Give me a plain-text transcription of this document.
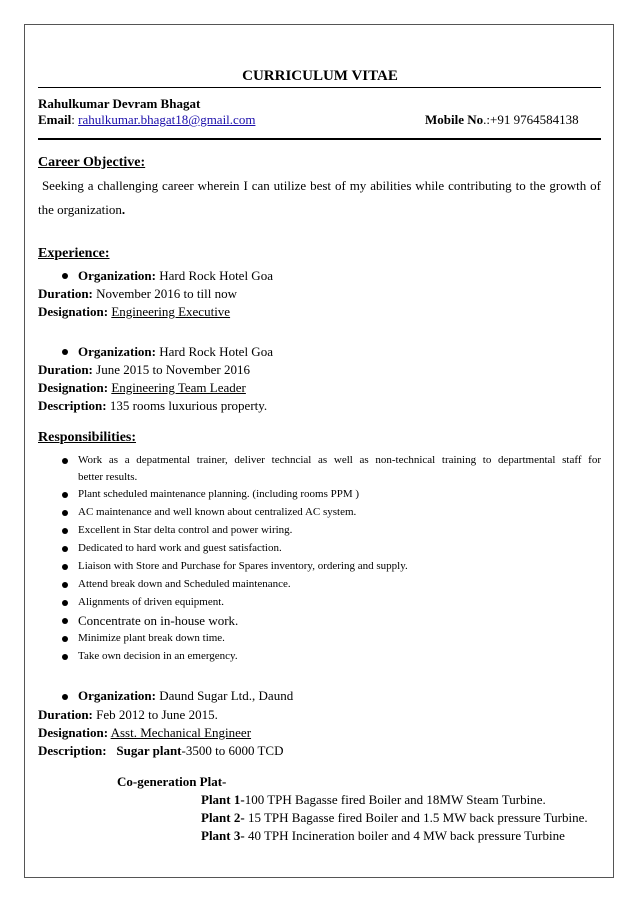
CURRICULUM VITAE
Rahulkumar Devram Bhagat
Email: rahulkumar.bhagat18@gmail.com	Mobile No.:+91 9764584138
Career Objective:
Seeking a challenging career wherein I can utilize best of my abilities while contributing to the growth of
the organization.
Experience:
Organization: Hard Rock Hotel Goa
Duration: November 2016 to till now
Designation: Engineering Executive
Organization: Hard Rock Hotel Goa
Duration: June 2015 to November 2016
Designation: Engineering Team Leader
Description: 135 rooms luxurious property.
Responsibilities:
Work as a depatmental trainer, deliver techncial as well as non-technical training to departmental staff for
better results.
Plant scheduled maintenance planning. (including rooms PPM )
AC maintenance and well known about centralized AC system.
Excellent in Star delta control and power wiring.
Dedicated to hard work and guest satisfaction.
Liaison with Store and Purchase for Spares inventory, ordering and supply.
Attend break down and Scheduled maintenance.
Alignments of driven equipment.
Concentrate on in-house work.
Minimize plant break down time.
Take own decision in an emergency.
Organization: Daund Sugar Ltd., Daund
Duration: Feb 2012 to June 2015.
Designation: Asst. Mechanical Engineer
Description: Sugar plant-3500 to 6000 TCD
Co-generation Plat-
Plant 1-100 TPH Bagasse fired Boiler and 18MW Steam Turbine.
Plant 2- 15 TPH Bagasse fired Boiler and 1.5 MW back pressure Turbine.
Plant 3- 40 TPH Incineration boiler and 4 MW back pressure Turbine
